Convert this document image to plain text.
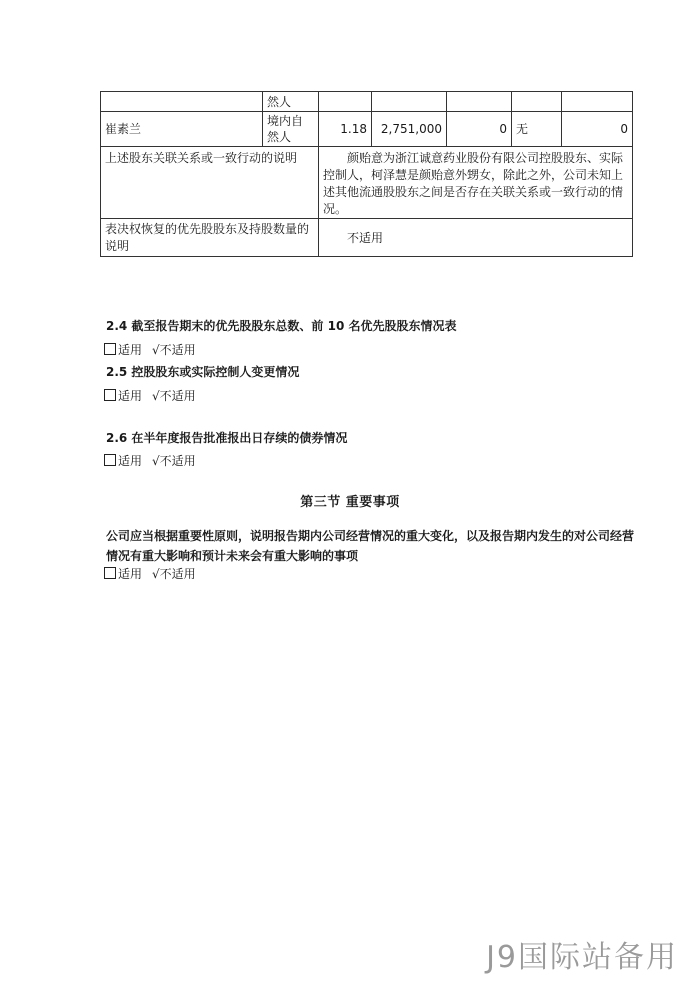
	然人					
崔素兰	境内自然人	1.18	2,751,000	0	无	0
上述股东关联关系或一致行动的说明		颜贻意为浙江诚意药业股份有限公司控股股东、实际控制人，柯泽慧是颜贻意外甥女，除此之外，公司未知上述其他流通股股东之间是否存在关联关系或一致行动的情况。				
表决权恢复的优先股股东及持股数量的说明		不适用				
2.4 截至报告期末的优先股股东总数、前 10 名优先股股东情况表
适用 √不适用
2.5 控股股东或实际控制人变更情况
适用 √不适用
2.6 在半年度报告批准报出日存续的债券情况
适用 √不适用
第三节 重要事项
公司应当根据重要性原则，说明报告期内公司经营情况的重大变化，以及报告期内发生的对公司经营情况有重大影响和预计未来会有重大影响的事项
适用 √不适用
J9国际站备用
